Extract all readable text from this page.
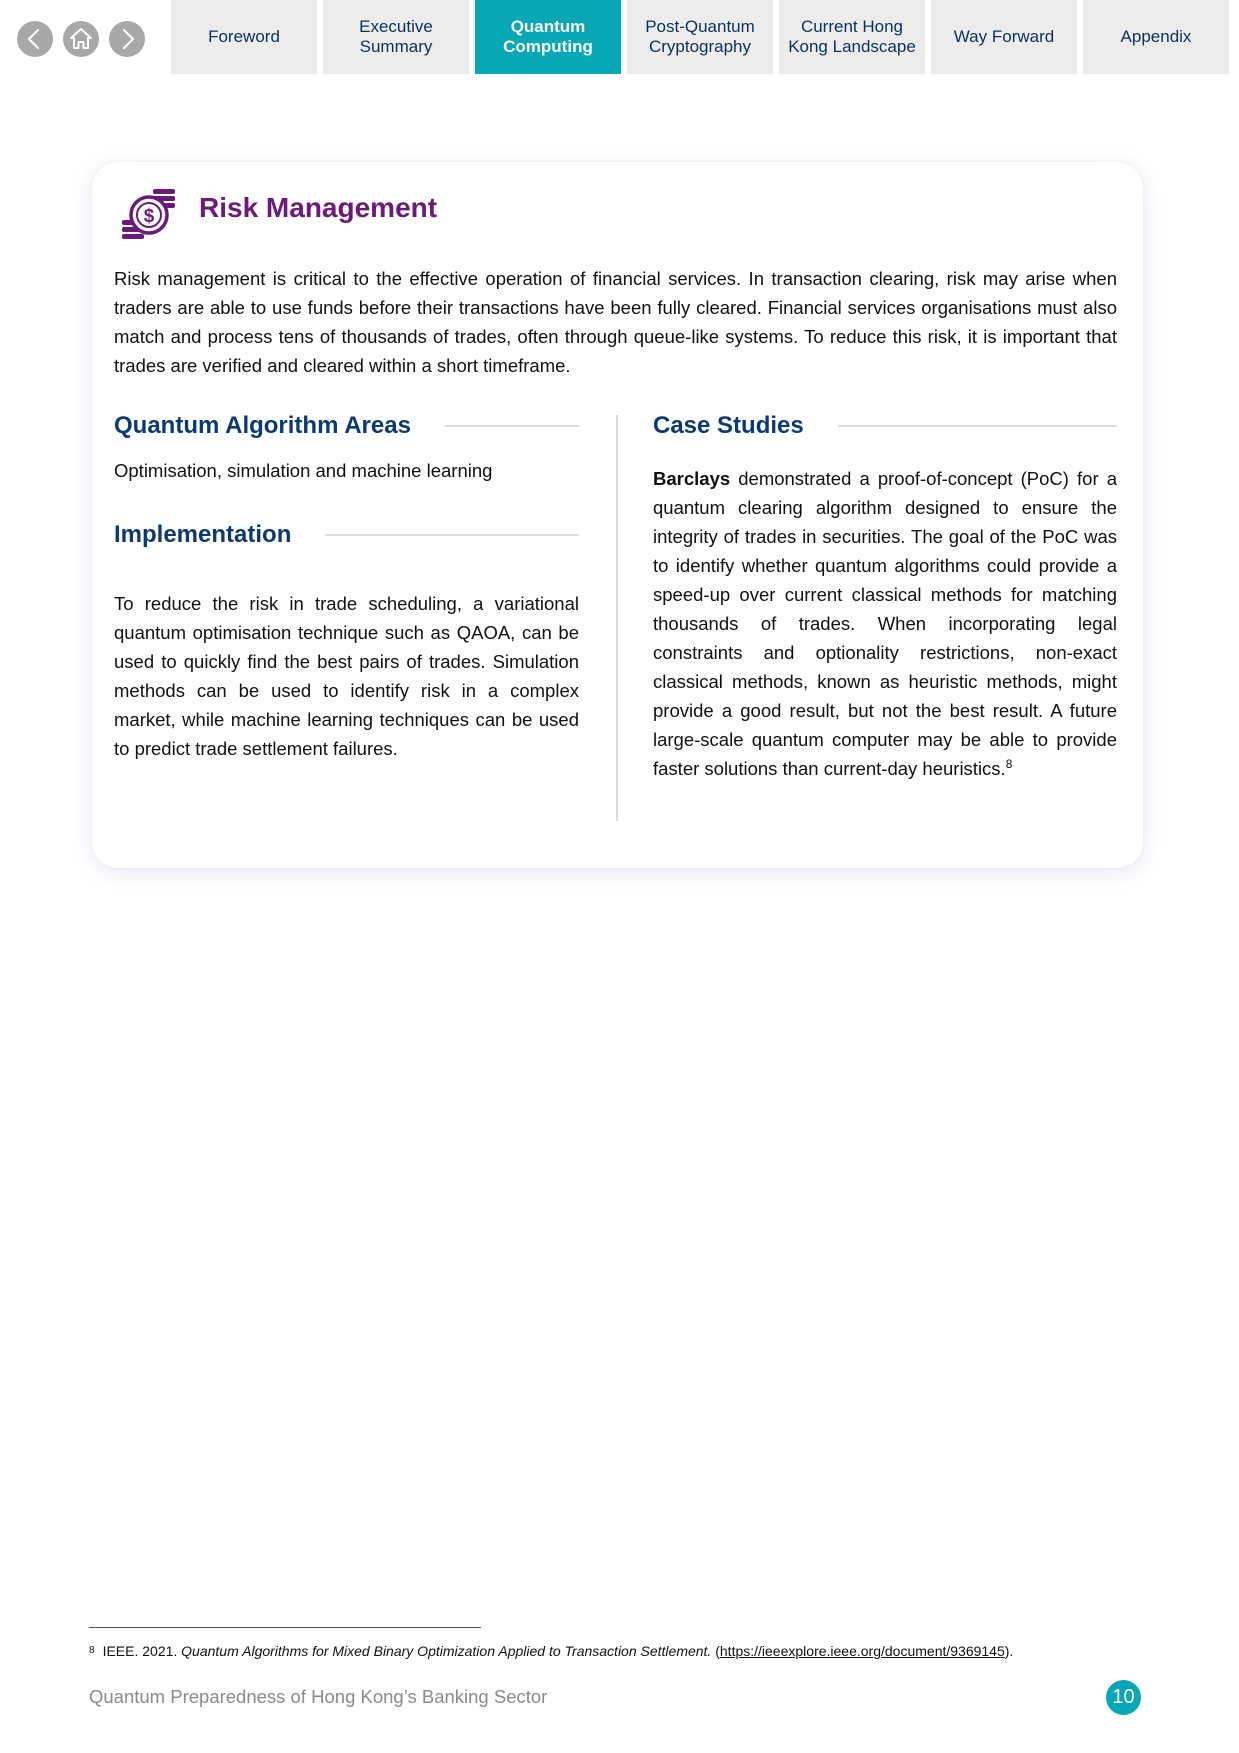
Foreword
Executive
Summary
Quantum
Computing
Post-Quantum
Cryptography
Current Hong
Kong Landscape
Way Forward	Appendix
$ Risk Management

Risk management is critical to the effective operation of financial services. In transaction clearing, risk may arise when traders are able to use funds before their transactions have been fully cleared. Financial services organisations must also match and process tens of thousands of trades, often through queue-like systems. To reduce this risk, it is important that trades are verified and cleared within a short timeframe.

Quantum Algorithm Areas

Optimisation, simulation and machine learning

Implementation

To reduce the risk in trade scheduling, a variational quantum optimisation technique such as QAOA, can be used to quickly find the best pairs of trades. Simulation methods can be used to identify risk in a complex market, while machine learning techniques can be used to predict trade settlement failures.

Case Studies

Barclays demonstrated a proof-of-concept (PoC) for a quantum clearing algorithm designed to ensure the integrity of trades in securities. The goal of the PoC was to identify whether quantum algorithms could provide a speed-up over current classical methods for matching thousands of trades. When incorporating legal constraints and optionality restrictions, non-exact classical methods, known as heuristic methods, might provide a good result, but not the best result. A future large-scale quantum computer may be able to provide faster solutions than current-day heuristics.$^8$

$^8$ IEEE. 2021. Quantum Algorithms for Mixed Binary Optimization Applied to Transaction Settlement. (https://ieeexplore.ieee.org/document/9369145).

Quantum Preparedness of Hong Kong’s Banking Sector	10
